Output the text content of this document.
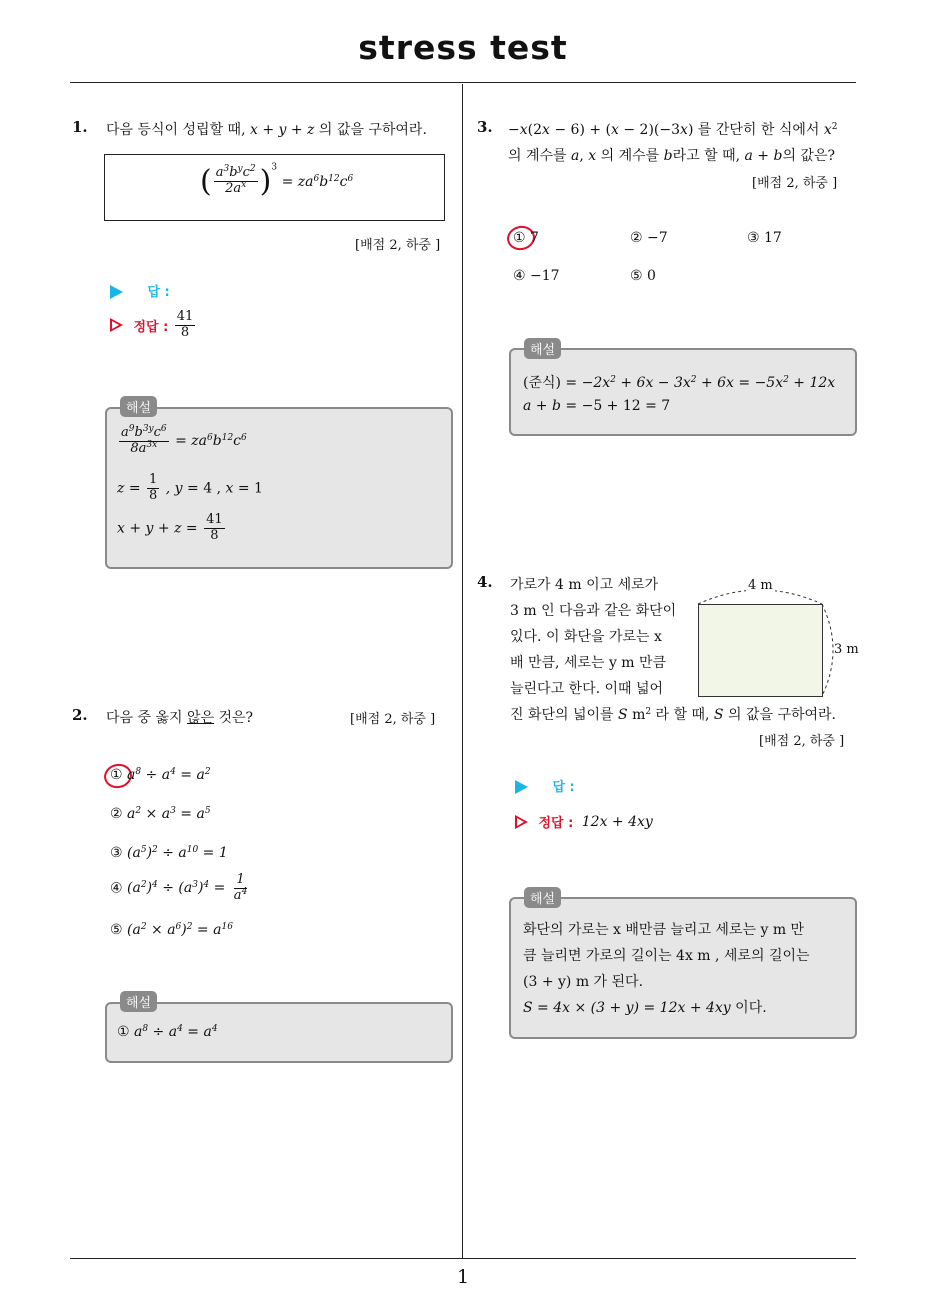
stress test
1
1. 다음 등식이 성립할 때, x + y + z 의 값을 구하여라.
( $\frac{a^3b^yc^2}{2a^x} )^3 = za^6b^{12}c^6$
[배점 2, 하중 ]
답 :
정답 : $\frac{41}{8}$
$\frac{a^9b^{3y}c^6}{8a^{3x}} = za^6b^{12}c^6$
$z = \frac{1}{8}$ , y = 4 , x = 1
$x + y + z = \frac{41}{8}$
해설
2. 다음 중 옳지 않은 것은?	[배점 2, 하중 ]
① $a^8 \div a^4 = a^2$
② $a^2 \times a^3 = a^5$
③ $(a^5)^2 \div a^{10} = 1$
④ $(a^2)^4 \div (a^3)^4 = \frac{1}{a^4}$
⑤ $(a^2 \times a^6)^2 = a^{16}$
① $a^8 \div a^4 = a^4$
해설
3. −x(2x − 6) + (x − 2)(−3x) 를 간단히 한 식에서 $x^2$
의 계수를 a, x 의 계수를 b라고 할 때, a + b의 값은?
[배점 2, 하중 ]
① 7	② −7	③ 17
④ −17	⑤ 0
(준식) = $-2x^2 + 6x - 3x^2 + 6x = -5x^2 + 12x$
a + b = −5 + 12 = 7
해설
4. 가로가 4 m 이고 세로가
3 m 인 다음과 같은 화단이
있다. 이 화단을 가로는 x
배 만큼, 세로는 y m 만큼
늘린다고 한다. 이때 넓어
진 화단의 넓이를 S $m^2$ 라 할 때, S 의 값을 구하여라.
[배점 2, 하중 ]
4 m
3 m
답 :
정답 : 12x + 4xy
화단의 가로는 x 배만큼 늘리고 세로는 y m 만
큼 늘리면 가로의 길이는 4x m , 세로의 길이는
(3 + y) m 가 된다.
S = 4x × (3 + y) = 12x + 4xy 이다.
해설
